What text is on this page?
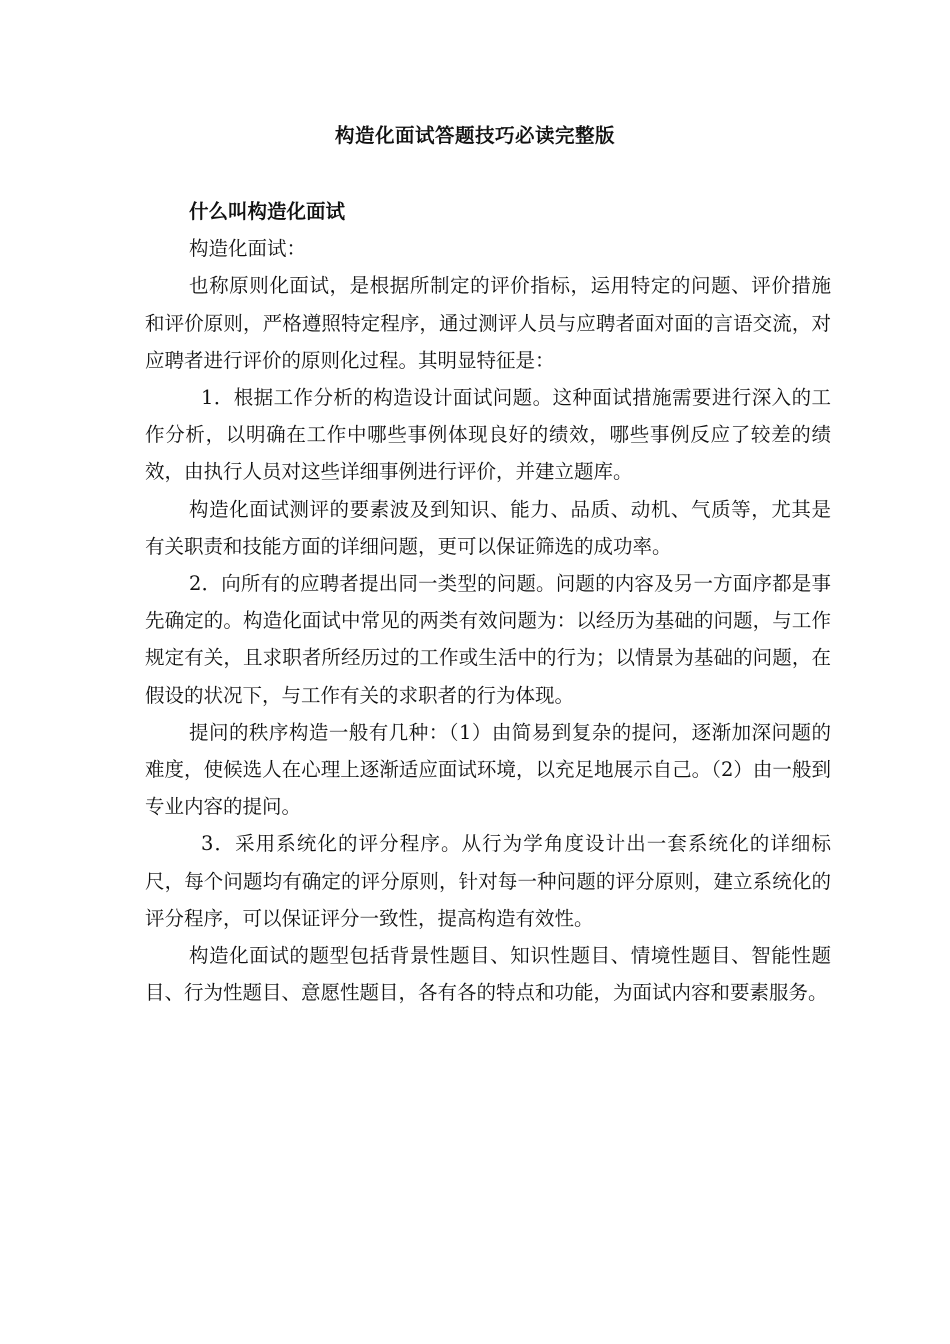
构造化面试答题技巧必读完整版

什么叫构造化面试

构造化面试：

也称原则化面试，是根据所制定的评价指标，运用特定的问题、评价措施和评价原则，严格遵照特定程序，通过测评人员与应聘者面对面的言语交流，对应聘者进行评价的原则化过程。其明显特征是：

1．根据工作分析的构造设计面试问题。这种面试措施需要进行深入的工作分析，以明确在工作中哪些事例体现良好的绩效，哪些事例反应了较差的绩效，由执行人员对这些详细事例进行评价，并建立题库。

构造化面试测评的要素波及到知识、能力、品质、动机、气质等，尤其是有关职责和技能方面的详细问题，更可以保证筛选的成功率。

2．向所有的应聘者提出同一类型的问题。问题的内容及另一方面序都是事先确定的。构造化面试中常见的两类有效问题为：以经历为基础的问题，与工作规定有关，且求职者所经历过的工作或生活中的行为；以情景为基础的问题，在假设的状况下，与工作有关的求职者的行为体现。

提问的秩序构造一般有几种：（1）由简易到复杂的提问，逐渐加深问题的难度，使候选人在心理上逐渐适应面试环境，以充足地展示自己。（2）由一般到专业内容的提问。

3．采用系统化的评分程序。从行为学角度设计出一套系统化的详细标尺，每个问题均有确定的评分原则，针对每一种问题的评分原则，建立系统化的评分程序，可以保证评分一致性，提高构造有效性。

构造化面试的题型包括背景性题目、知识性题目、情境性题目、智能性题目、行为性题目、意愿性题目，各有各的特点和功能，为面试内容和要素服务。
